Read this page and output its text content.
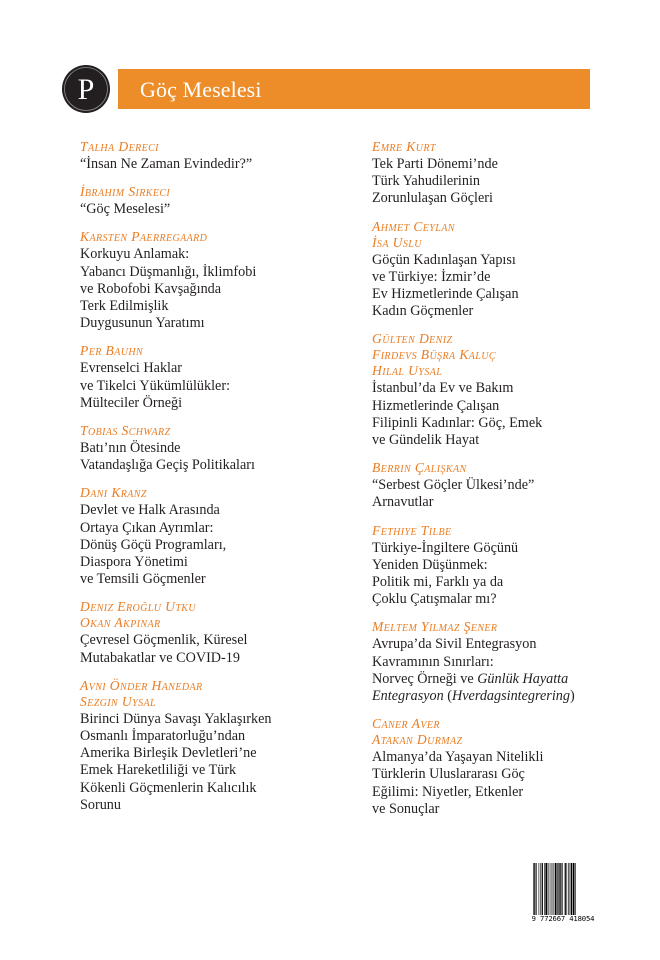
Göç Meselesi
P
Talha Dereci
“İnsan Ne Zaman Evindedir?”
İbrahim Sirkeci
“Göç Meselesi”
Karsten Paerregaard
Korkuyu Anlamak:
Yabancı Düşmanlığı, İklimfobi
ve Robofobi Kavşağında
Terk Edilmişlik
Duygusunun Yaratımı
Per Bauhn
Evrenselci Haklar
ve Tikelci Yükümlülükler:
Mülteciler Örneği
Tobias Schwarz
Batı’nın Ötesinde
Vatandaşlığa Geçiş Politikaları
Dani Kranz
Devlet ve Halk Arasında
Ortaya Çıkan Ayrımlar:
Dönüş Göçü Programları,
Diaspora Yönetimi
ve Temsili Göçmenler
Deniz Eroğlu Utku
Okan Akpınar
Çevresel Göçmenlik, Küresel
Mutabakatlar ve COVID-19
Avni Önder Hanedar
Sezgin Uysal
Birinci Dünya Savaşı Yaklaşırken
Osmanlı İmparatorluğu’ndan
Amerika Birleşik Devletleri’ne
Emek Hareketliliği ve Türk
Kökenli Göçmenlerin Kalıcılık
Sorunu
Emre Kurt
Tek Parti Dönemi’nde
Türk Yahudilerinin
Zorunlulaşan Göçleri
Ahmet Ceylan
İsa Uslu
Göçün Kadınlaşan Yapısı
ve Türkiye: İzmir’de
Ev Hizmetlerinde Çalışan
Kadın Göçmenler
Gülten Deniz
Firdevs Büşra Kaluç
Hilal Uysal
İstanbul’da Ev ve Bakım
Hizmetlerinde Çalışan
Filipinli Kadınlar: Göç, Emek
ve Gündelik Hayat
Berrin Çalışkan
“Serbest Göçler Ülkesi’nde”
Arnavutlar
Fethiye Tilbe
Türkiye-İngiltere Göçünü
Yeniden Düşünmek:
Politik mi, Farklı ya da
Çoklu Çatışmalar mı?
Meltem Yılmaz Şener
Avrupa’da Sivil Entegrasyon
Kavramının Sınırları:
Norveç Örneği ve Günlük Hayatta
Entegrasyon (Hverdagsintegrering)
Caner Aver
Atakan Durmaz
Almanya’da Yaşayan Nitelikli
Türklerin Uluslararası Göç
Eğilimi: Niyetler, Etkenler
ve Sonuçlar
9 772667 418054
